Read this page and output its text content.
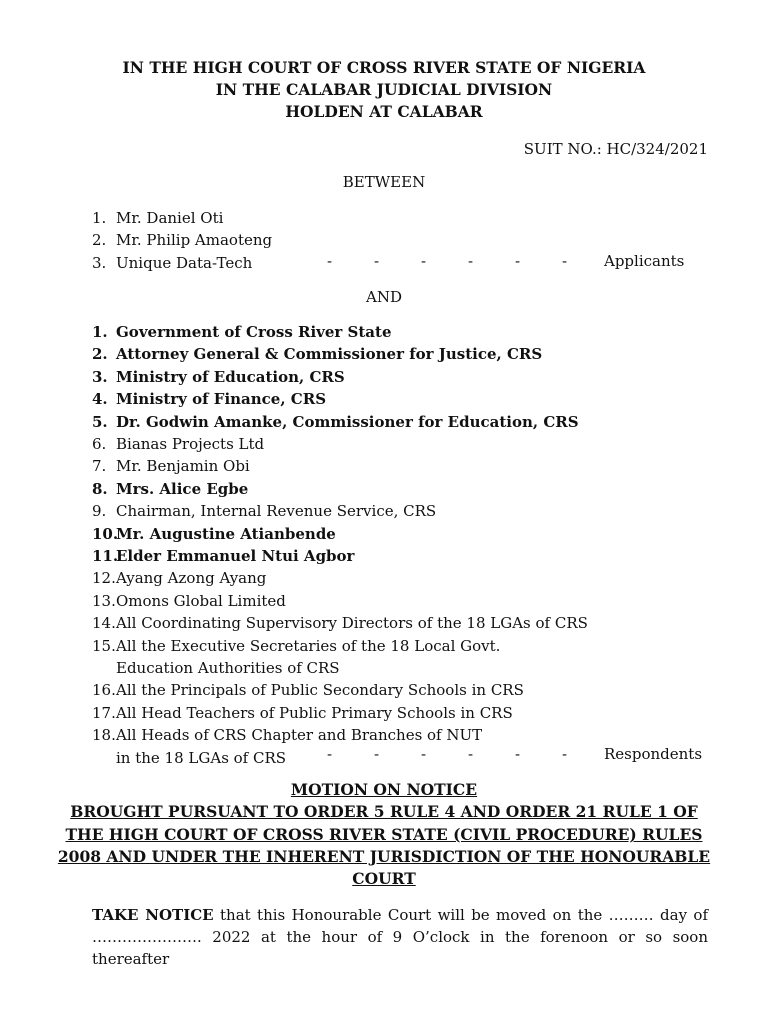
IN THE HIGH COURT OF CROSS RIVER STATE OF NIGERIA
IN THE CALABAR JUDICIAL DIVISION
HOLDEN AT CALABAR
SUIT NO.: HC/324/2021
BETWEEN
1. Mr. Daniel Oti
2. Mr. Philip Amaoteng
3. Unique Data-Tech	-	-	-	-	-	-	Applicants
AND
1. Government of Cross River State
2. Attorney General & Commissioner for Justice, CRS
3. Ministry of Education, CRS
4. Ministry of Finance, CRS
5. Dr. Godwin Amanke, Commissioner for Education, CRS
6. Bianas Projects Ltd
7. Mr. Benjamin Obi
8. Mrs. Alice Egbe
9. Chairman, Internal Revenue Service, CRS
10.Mr. Augustine Atianbende
11.Elder Emmanuel Ntui Agbor
12.Ayang Azong Ayang
13.Omons Global Limited
14.All Coordinating Supervisory Directors of the 18 LGAs of CRS
15.All the Executive Secretaries of the 18 Local Govt.
Education Authorities of CRS
16.All the Principals of Public Secondary Schools in CRS
17.All Head Teachers of Public Primary Schools in CRS
18.All Heads of CRS Chapter and Branches of NUT
in the 18 LGAs of CRS	-	-	-	-	-	-	Respondents
MOTION ON NOTICE
BROUGHT PURSUANT TO ORDER 5 RULE 4 AND ORDER 21 RULE 1 OF
THE HIGH COURT OF CROSS RIVER STATE (CIVIL PROCEDURE) RULES
2008 AND UNDER THE INHERENT JURISDICTION OF THE HONOURABLE
COURT
TAKE NOTICE that this Honourable Court will be moved on the ……… day of …………………. 2022 at the hour of 9 O’clock in the forenoon or so soon thereafter
